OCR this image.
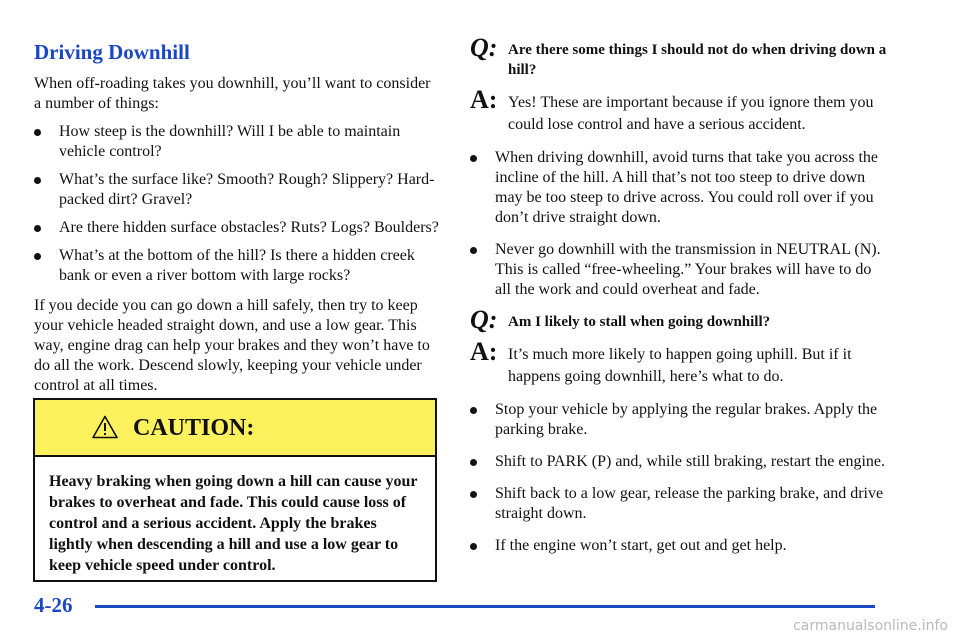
Driving Downhill

When off-roading takes you downhill, you’ll want to consider a number of things:

How steep is the downhill? Will I be able to maintain vehicle control?
What’s the surface like? Smooth? Rough? Slippery? Hard-packed dirt? Gravel?
Are there hidden surface obstacles? Ruts? Logs? Boulders?
What’s at the bottom of the hill? Is there a hidden creek bank or even a river bottom with large rocks?

If you decide you can go down a hill safely, then try to keep your vehicle headed straight down, and use a low gear. This way, engine drag can help your brakes and they won’t have to do all the work. Descend slowly, keeping your vehicle under control at all times.

CAUTION:
Heavy braking when going down a hill can cause your brakes to overheat and fade. This could cause loss of control and a serious accident. Apply the brakes lightly when descending a hill and use a low gear to keep vehicle speed under control.
Q: Are there some things I should not do when driving down a hill?
A: Yes! These are important because if you ignore them you could lose control and have a serious accident.
When driving downhill, avoid turns that take you across the incline of the hill. A hill that’s not too steep to drive down may be too steep to drive across. You could roll over if you don’t drive straight down.
Never go downhill with the transmission in NEUTRAL (N). This is called “free-wheeling.” Your brakes will have to do all the work and could overheat and fade.
Q: Am I likely to stall when going downhill?
A: It’s much more likely to happen going uphill. But if it happens going downhill, here’s what to do.
Stop your vehicle by applying the regular brakes. Apply the parking brake.
Shift to PARK (P) and, while still braking, restart the engine.
Shift back to a low gear, release the parking brake, and drive straight down.
If the engine won’t start, get out and get help.
4-26
carmanualsonline.info
